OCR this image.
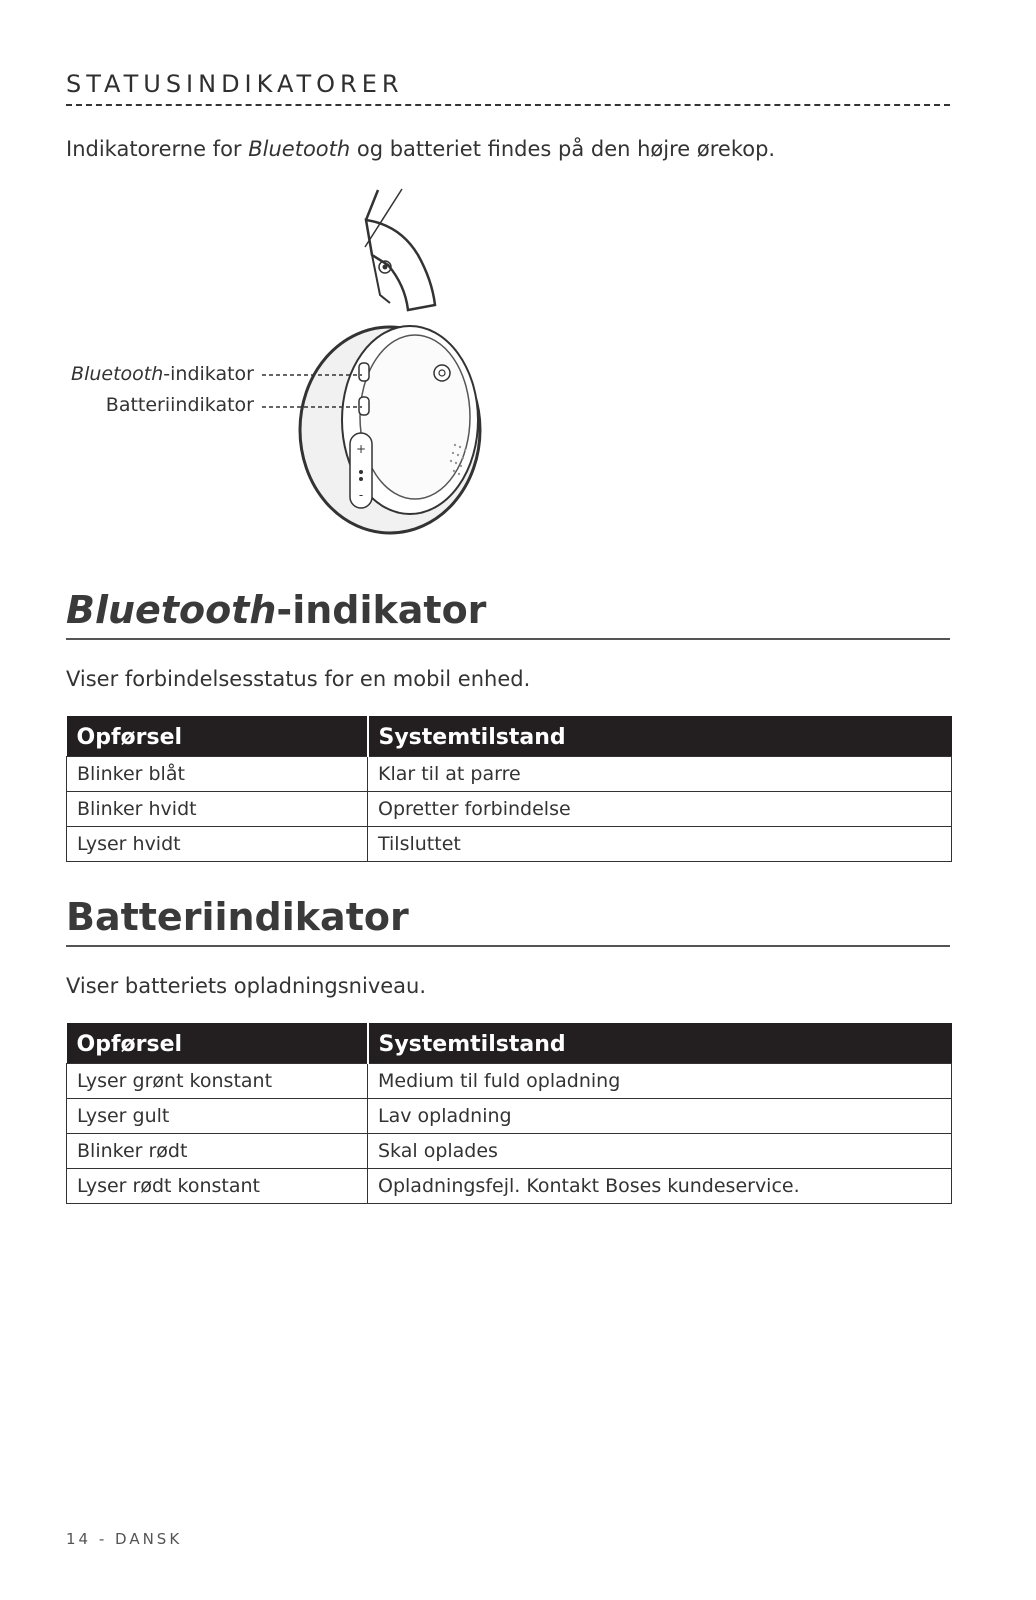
STATUSINDIKATORER
Indikatorerne for Bluetooth og batteriet findes på den højre ørekop.
+
-
Bluetooth-indikator
Batteriindikator
Bluetooth-indikator
Viser forbindelsesstatus for en mobil enhed.
Opførsel	Systemtilstand
Blinker blåt	Klar til at parre
Blinker hvidt	Opretter forbindelse
Lyser hvidt	Tilsluttet
Batteriindikator
Viser batteriets opladningsniveau.
Opførsel	Systemtilstand
Lyser grønt konstant	Medium til fuld opladning
Lyser gult	Lav opladning
Blinker rødt	Skal oplades
Lyser rødt konstant	Opladningsfejl. Kontakt Boses kundeservice.
14 - DANSK
